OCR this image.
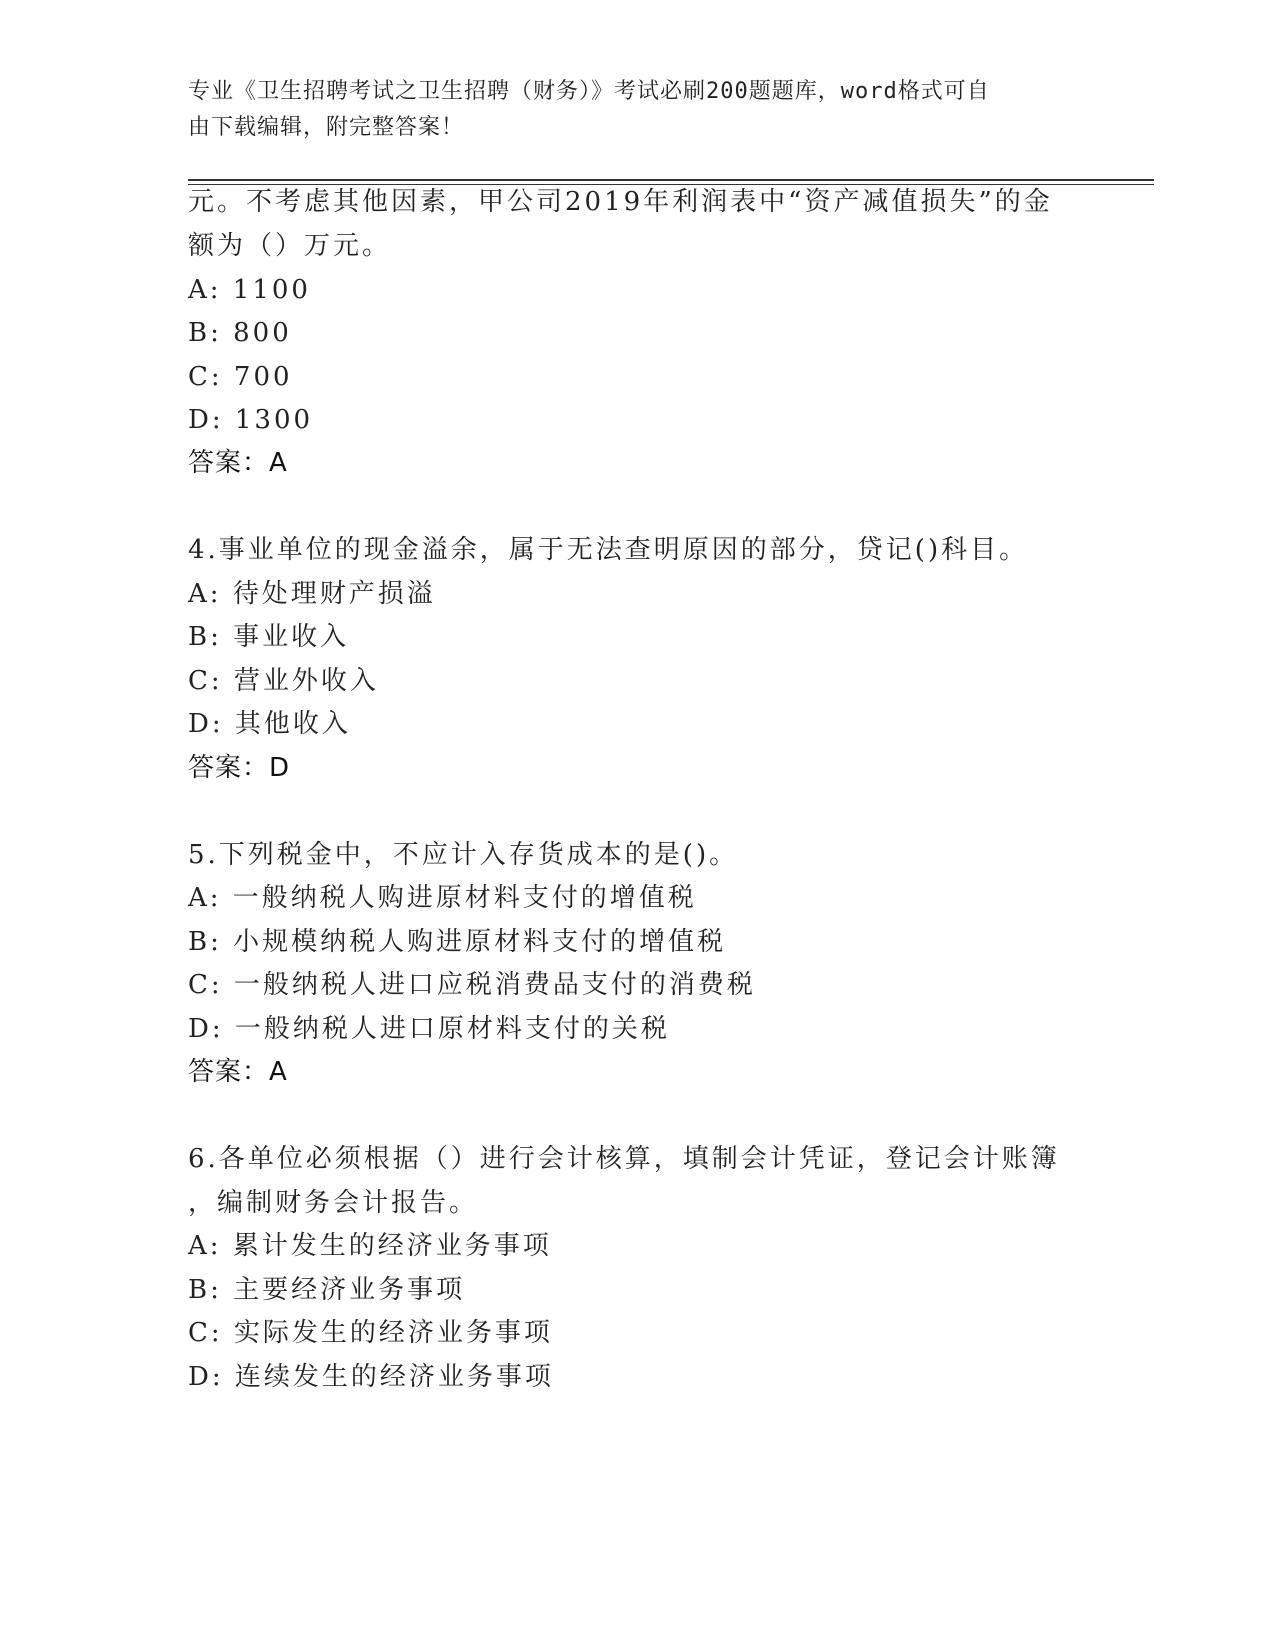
专业《卫生招聘考试之卫生招聘（财务）》考试必刷200题题库，word格式可自
由下载编辑，附完整答案！
元。不考虑其他因素，甲公司2019年利润表中“资产减值损失”的金
额为（）万元。
A: 1100
B: 800
C: 700
D: 1300
答案：A
4.事业单位的现金溢余，属于无法查明原因的部分，贷记()科目。
A: 待处理财产损溢
B: 事业收入
C: 营业外收入
D: 其他收入
答案：D
5.下列税金中，不应计入存货成本的是()。
A: 一般纳税人购进原材料支付的增值税
B: 小规模纳税人购进原材料支付的增值税
C: 一般纳税人进口应税消费品支付的消费税
D: 一般纳税人进口原材料支付的关税
答案：A
6.各单位必须根据（）进行会计核算，填制会计凭证，登记会计账簿
，编制财务会计报告。
A: 累计发生的经济业务事项
B: 主要经济业务事项
C: 实际发生的经济业务事项
D: 连续发生的经济业务事项
